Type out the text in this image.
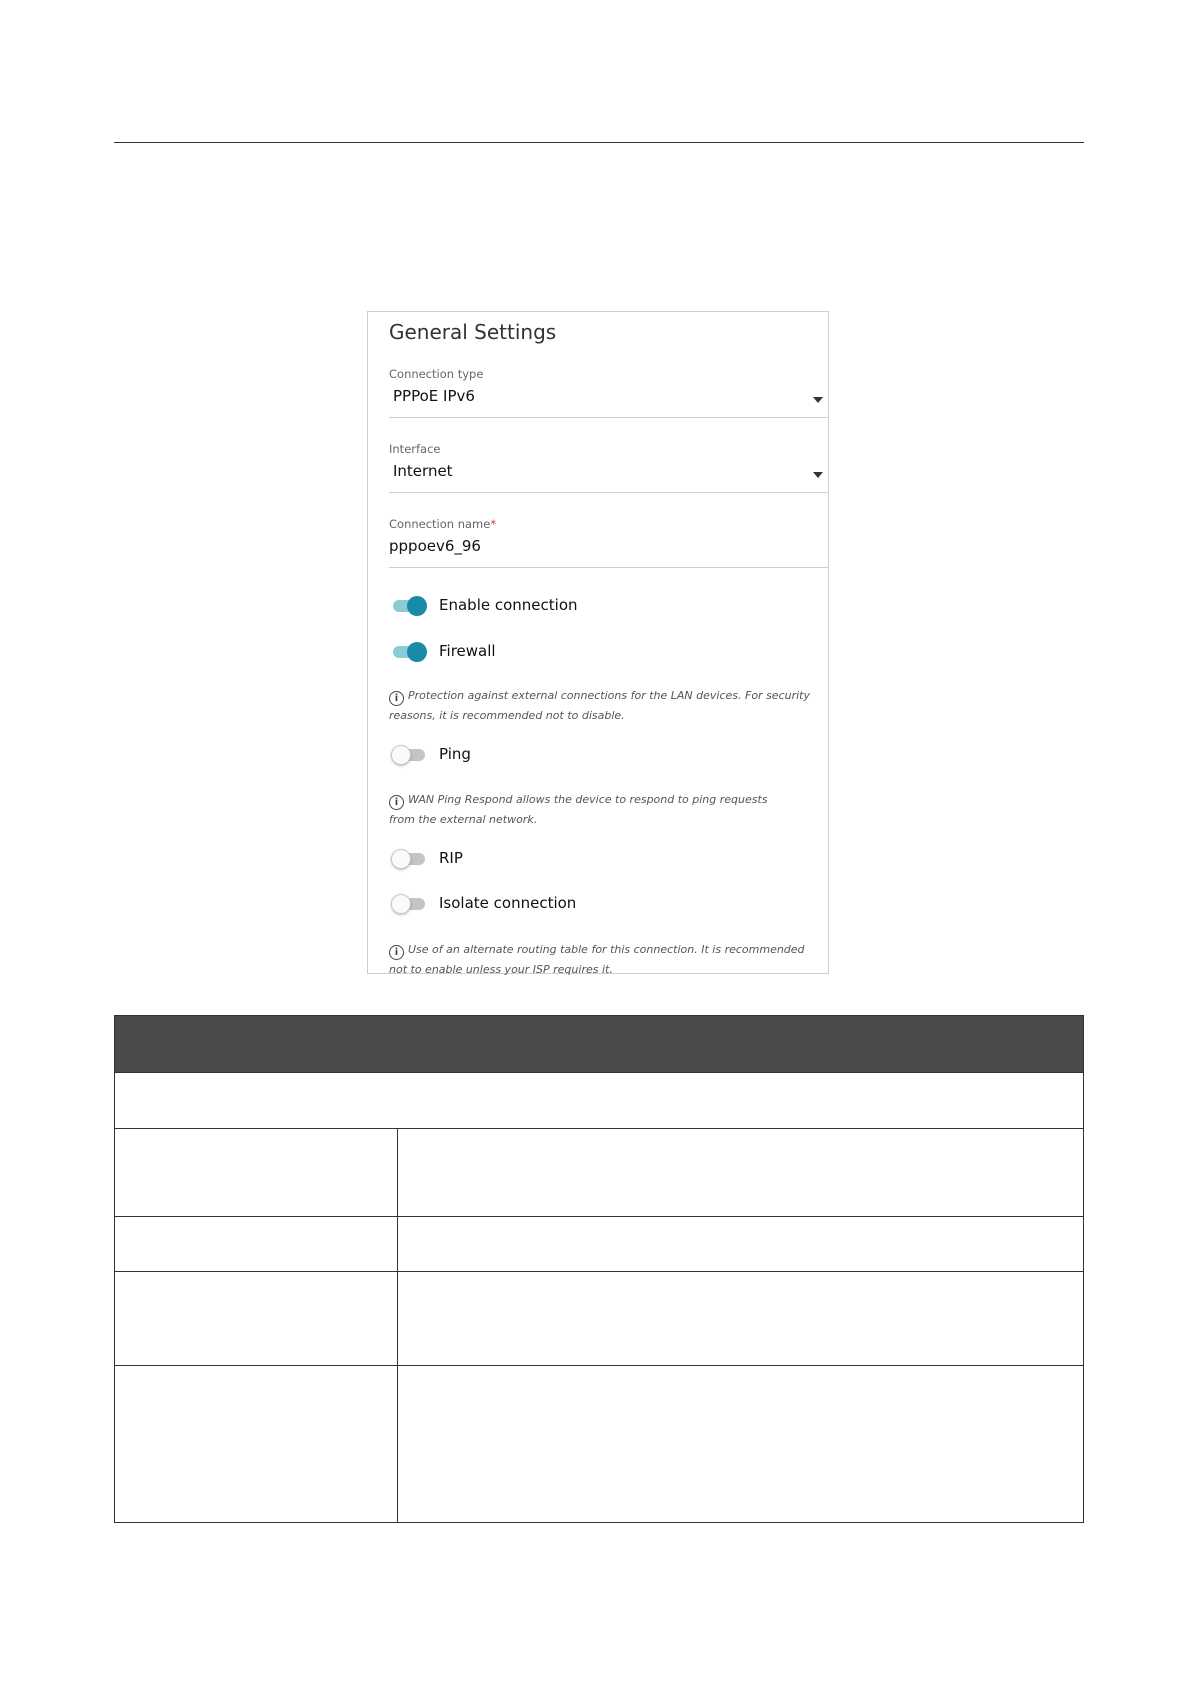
General Settings
Connection type
PPPoE IPv6
Interface
Internet
Connection name*
pppoev6_96
Enable connection
Firewall
i Protection against external connections for the LAN devices. For security reasons, it is recommended not to disable.
Ping
i WAN Ping Respond allows the device to respond to ping requests from the external network.
RIP
Isolate connection
i Use of an alternate routing table for this connection. It is recommended not to enable unless your ISP requires it.
